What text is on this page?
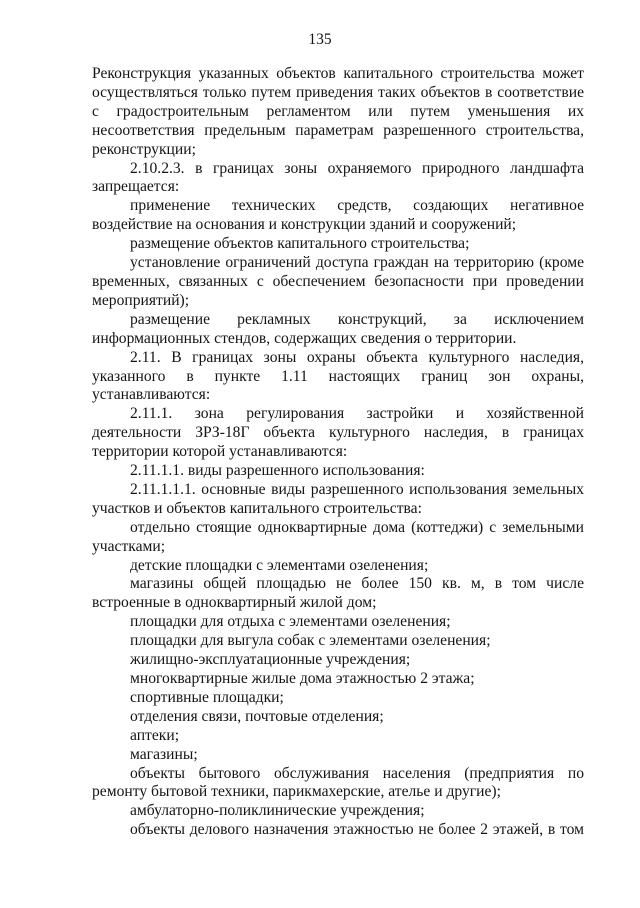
135

Реконструкция указанных объектов капитального строительства может осуществляться только путем приведения таких объектов в соответствие с градостроительным регламентом или путем уменьшения их несоответствия предельным параметрам разрешенного строительства, реконструкции;

2.10.2.3. в границах зоны охраняемого природного ландшафта запрещается:

применение технических средств, создающих негативное воздействие на основания и конструкции зданий и сооружений;

размещение объектов капитального строительства;

установление ограничений доступа граждан на территорию (кроме временных, связанных с обеспечением безопасности при проведении мероприятий);

размещение рекламных конструкций, за исключением информационных стендов, содержащих сведения о территории.

2.11. В границах зоны охраны объекта культурного наследия, указанного в пункте 1.11 настоящих границ зон охраны, устанавливаются:

2.11.1. зона регулирования застройки и хозяйственной деятельности ЗРЗ-18Г объекта культурного наследия, в границах территории которой устанавливаются:

2.11.1.1. виды разрешенного использования:

2.11.1.1.1. основные виды разрешенного использования земельных участков и объектов капитального строительства:

отдельно стоящие одноквартирные дома (коттеджи) с земельными участками;

детские площадки с элементами озеленения;

магазины общей площадью не более 150 кв. м, в том числе встроенные в одноквартирный жилой дом;

площадки для отдыха с элементами озеленения;

площадки для выгула собак с элементами озеленения;

жилищно-эксплуатационные учреждения;

многоквартирные жилые дома этажностью 2 этажа;

спортивные площадки;

отделения связи, почтовые отделения;

аптеки;

магазины;

объекты бытового обслуживания населения (предприятия по ремонту бытовой техники, парикмахерские, ателье и другие);

амбулаторно-поликлинические учреждения;

объекты делового назначения этажностью не более 2 этажей, в том
